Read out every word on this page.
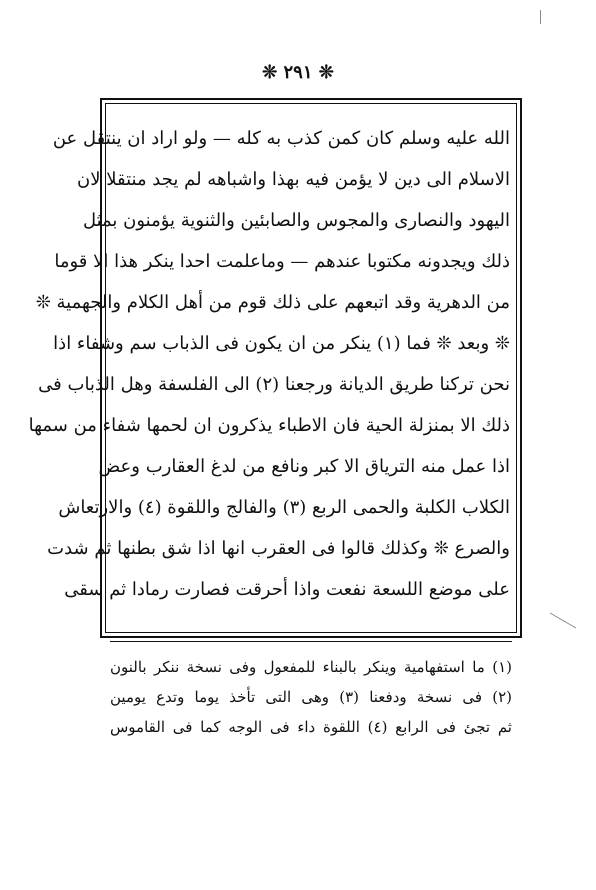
❊ ٢٩١ ❊
الله عليه وسلم كان كمن كذب به كله — ولو اراد ان ينتقل عن
الاسلام الى دين لا يؤمن فيه بهذا واشباهه لم يجد منتقلا لان
اليهود والنصارى والمجوس والصابئين والثنوية يؤمنون بمثل
ذلك ويجدونه مكتوبا عندهم — وماعلمت احدا ينكر هذا الا قوما
من الدهرية وقد اتبعهم على ذلك قوم من أهل الكلام والجهمية ❊
❊ وبعد ❊ فما (١) ينكر من ان يكون فى الذباب سم وشفاء اذا
نحن تركنا طريق الديانة ورجعنا (٢) الى الفلسفة وهل الذباب فى
ذلك الا بمنزلة الحية فان الاطباء يذكرون ان لحمها شفاء من سمها
اذا عمل منه الترياق الا كبر ونافع من لدغ العقارب وعض
الكلاب الكلبة والحمى الربع (٣) والفالج واللقوة (٤) والارتعاش
والصرع ❊ وكذلك قالوا فى العقرب انها اذا شق بطنها ثم شدت
على موضع اللسعة نفعت واذا أحرقت فصارت رمادا ثم سقى
(١) ما استفهامية وينكر بالبناء للمفعول وفى نسخة ننكر بالنون
(٢) فى نسخة ودفعنا (٣) وهى التى تأخذ يوما وتدع يومين
ثم تجئ فى الرابع (٤) اللقوة داء فى الوجه كما فى القاموس
